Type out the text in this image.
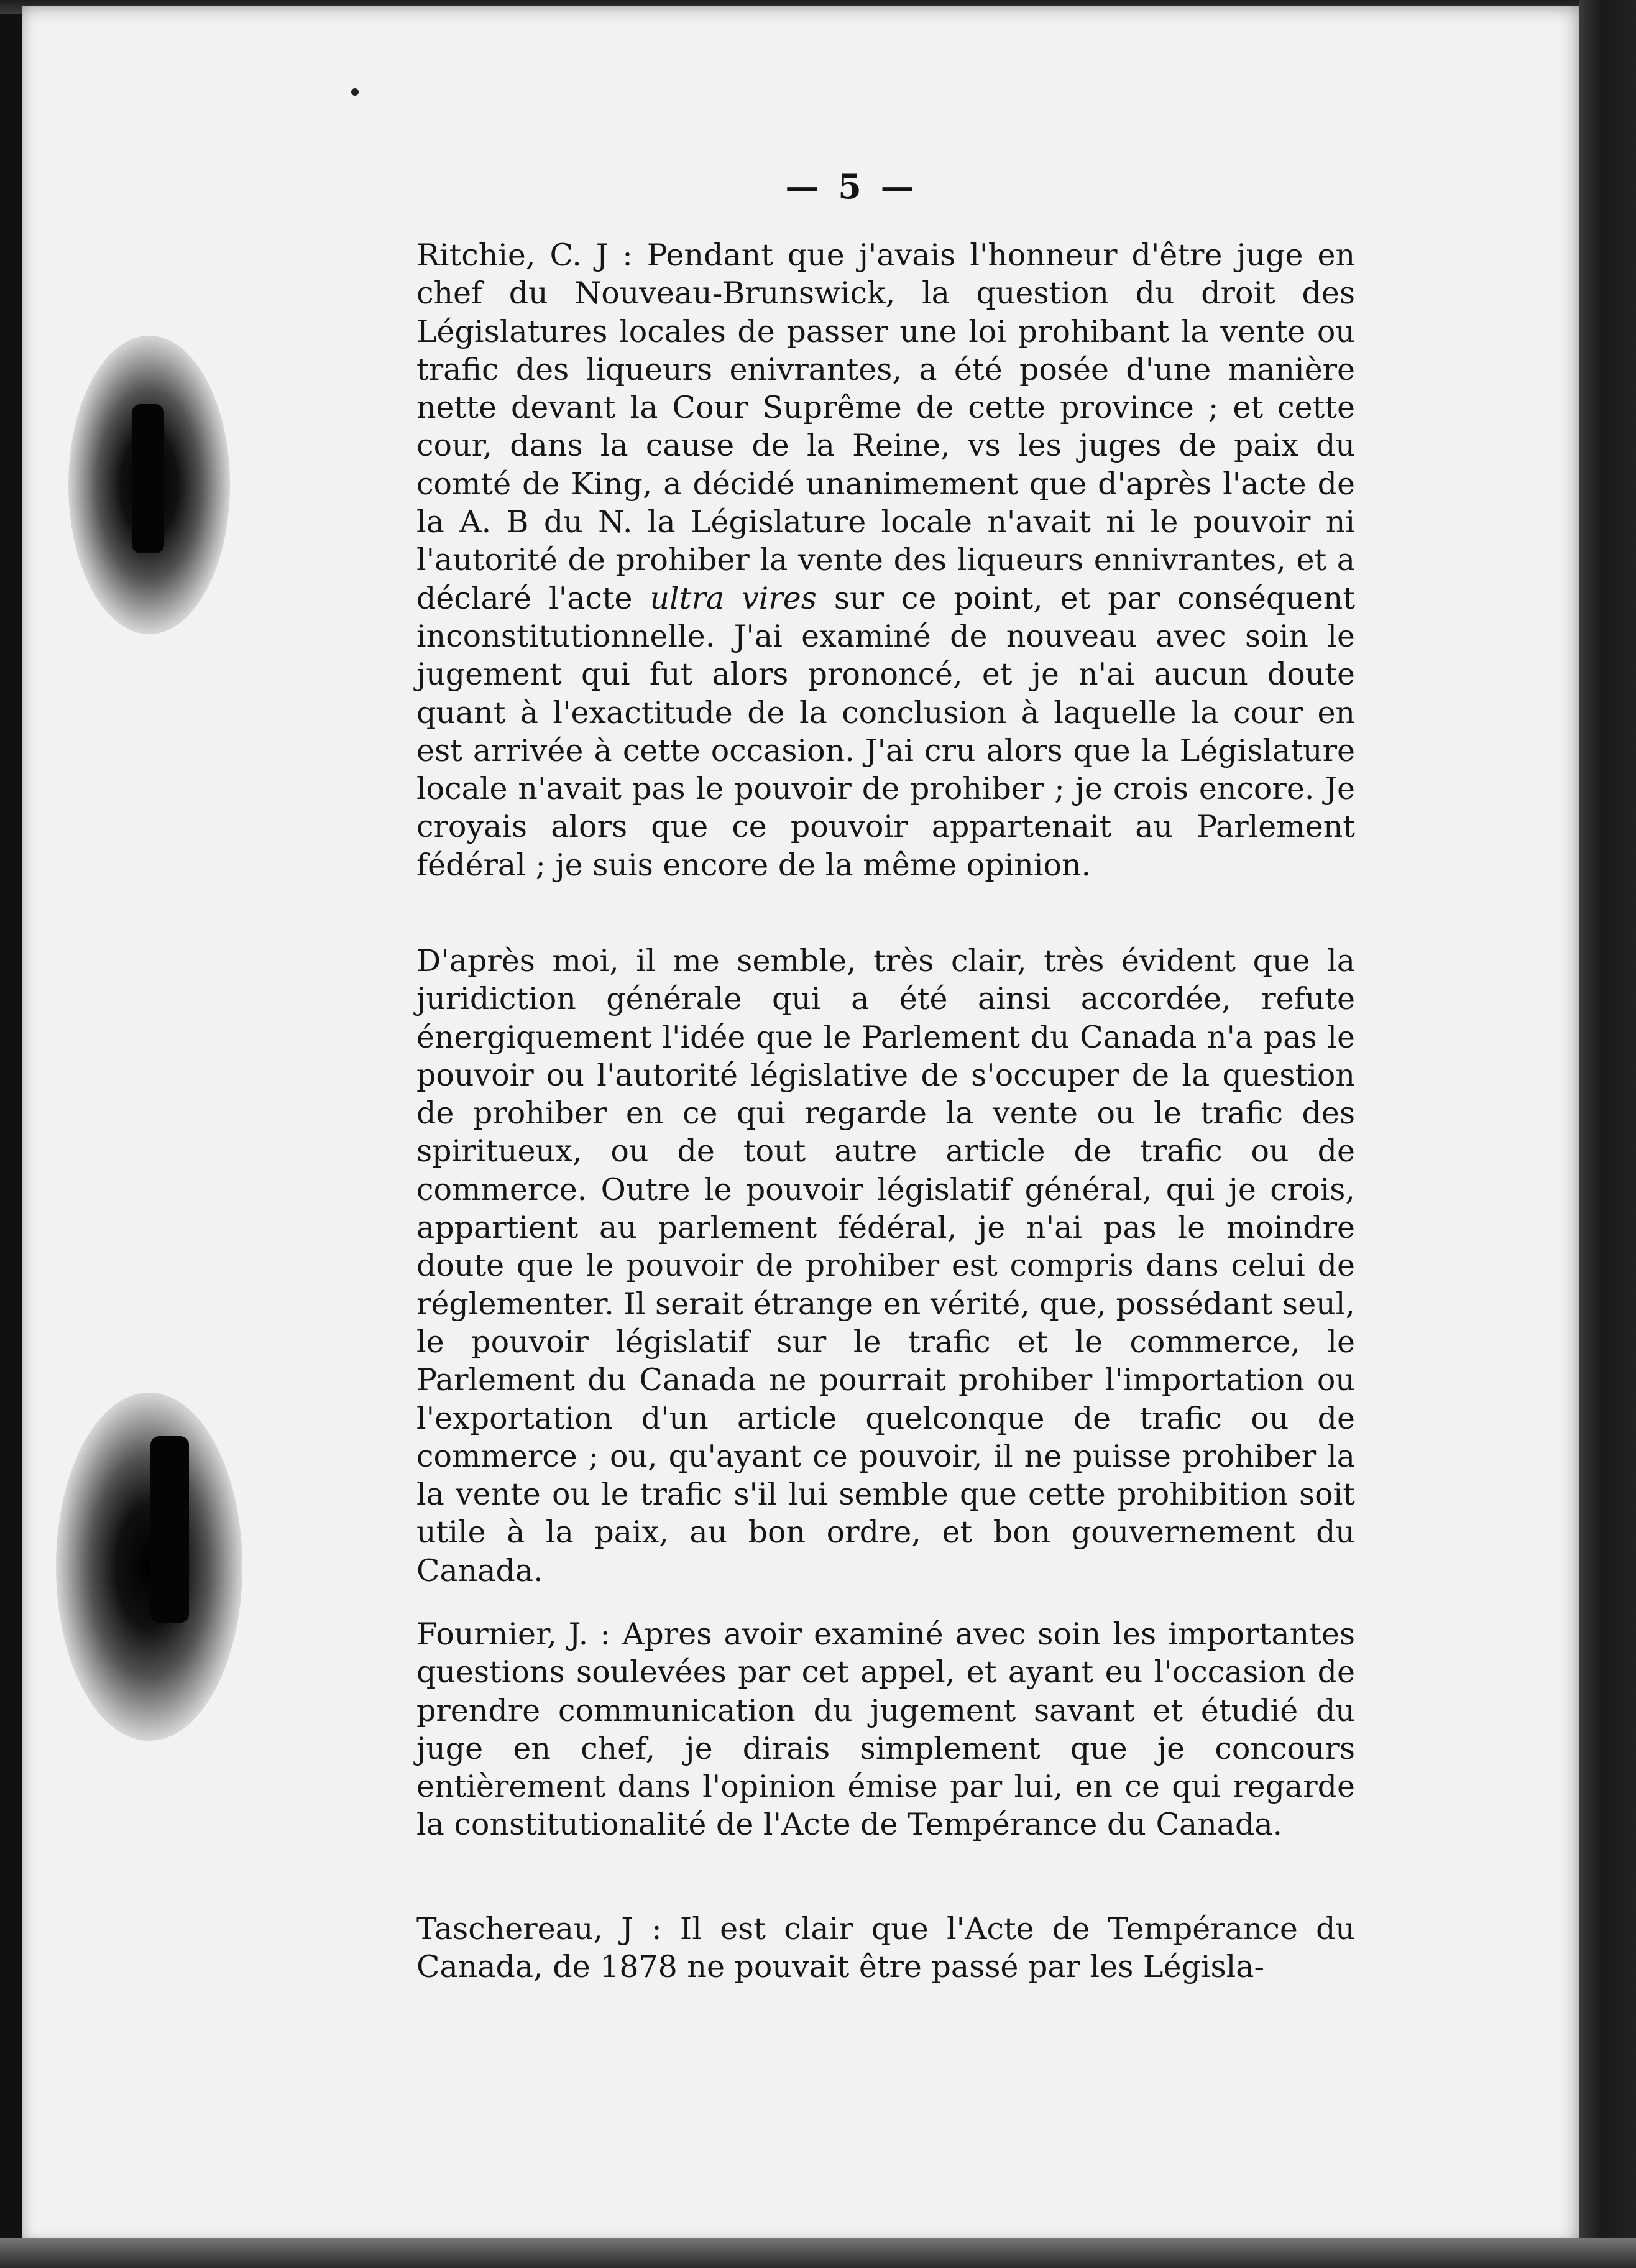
— 5 —

Ritchie, C. J : Pendant que j'avais l'honneur d'être juge en chef du Nouveau-Brunswick, la question du droit des Législatures locales de passer une loi prohibant la vente ou trafic des liqueurs enivrantes, a été posée d'une manière nette devant la Cour Suprême de cette province ; et cette cour, dans la cause de la Reine, vs les juges de paix du comté de King, a décidé unanimement que d'après l'acte de la A. B du N. la Législature locale n'avait ni le pouvoir ni l'autorité de prohiber la vente des liqueurs ennivrantes, et a déclaré l'acte ultra vires sur ce point, et par conséquent inconstitutionnelle. J'ai examiné de nouveau avec soin le jugement qui fut alors prononcé, et je n'ai aucun doute quant à l'exactitude de la conclusion à laquelle la cour en est arrivée à cette occasion. J'ai cru alors que la Législature locale n'avait pas le pouvoir de prohiber ; je crois encore. Je croyais alors que ce pouvoir appartenait au Parlement fédéral ; je suis encore de la même opinion.

D'après moi, il me semble, très clair, très évident que la juridiction générale qui a été ainsi accordée, refute énergiquement l'idée que le Parlement du Canada n'a pas le pouvoir ou l'autorité législative de s'occuper de la question de prohiber en ce qui regarde la vente ou le trafic des spiritueux, ou de tout autre article de trafic ou de commerce. Outre le pouvoir législatif général, qui je crois, appartient au parlement fédéral, je n'ai pas le moindre doute que le pouvoir de prohiber est compris dans celui de réglementer. Il serait étrange en vérité, que, possédant seul, le pouvoir législatif sur le trafic et le commerce, le Parlement du Canada ne pourrait prohiber l'importation ou l'exportation d'un article quelconque de trafic ou de commerce ; ou, qu'ayant ce pouvoir, il ne puisse prohiber la la vente ou le trafic s'il lui semble que cette prohibition soit utile à la paix, au bon ordre, et bon gouvernement du Canada.

Fournier, J. : Apres avoir examiné avec soin les importantes questions soulevées par cet appel, et ayant eu l'occasion de prendre communication du jugement savant et étudié du juge en chef, je dirais simplement que je concours entièrement dans l'opinion émise par lui, en ce qui regarde la constitutionalité de l'Acte de Tempérance du Canada.

Taschereau, J : Il est clair que l'Acte de Tempérance du Canada, de 1878 ne pouvait être passé par les Législa-
